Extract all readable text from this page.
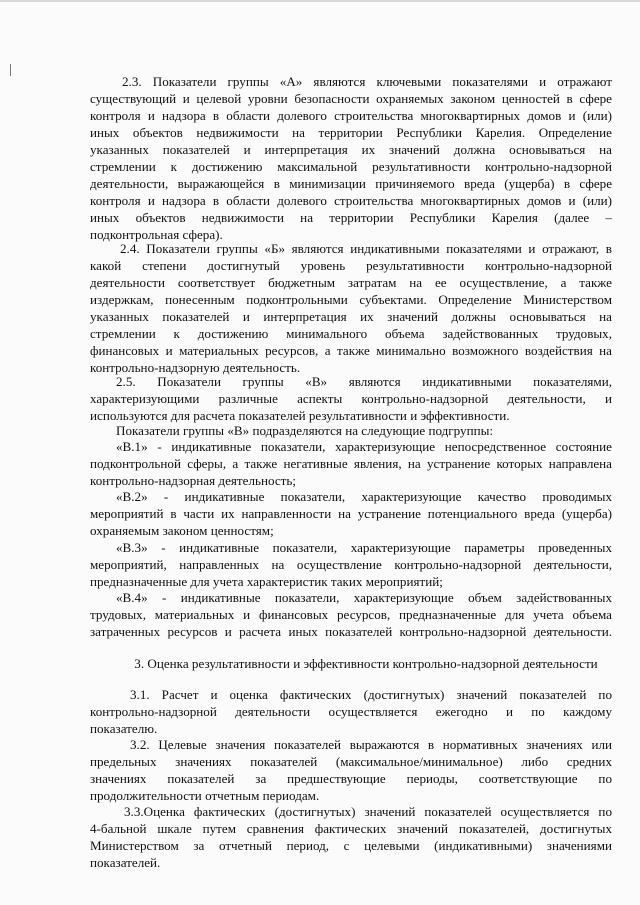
2.3. Показатели группы «А» являются ключевыми показателями и отражают
существующий и целевой уровни безопасности охраняемых законом ценностей в сфере
контроля и надзора в области долевого строительства многоквартирных домов и (или)
иных объектов недвижимости на территории Республики Карелия. Определение
указанных показателей и интерпретация их значений должна основываться на
стремлении к достижению максимальной результативности контрольно-надзорной
деятельности, выражающейся в минимизации причиняемого вреда (ущерба) в сфере
контроля и надзора в области долевого строительства многоквартирных домов и (или)
иных объектов недвижимости на территории Республики Карелия (далее –
подконтрольная сфера).
2.4. Показатели группы «Б» являются индикативными показателями и отражают, в
какой степени достигнутый уровень результативности контрольно-надзорной
деятельности соответствует бюджетным затратам на ее осуществление, а также
издержкам, понесенным подконтрольными субъектами. Определение Министерством
указанных показателей и интерпретация их значений должны основываться на
стремлении к достижению минимального объема задействованных трудовых,
финансовых и материальных ресурсов, а также минимально возможного воздействия на
контрольно-надзорную деятельность.
2.5. Показатели группы «В» являются индикативными показателями,
характеризующими различные аспекты контрольно-надзорной деятельности, и
используются для расчета показателей результативности и эффективности.
Показатели группы «В» подразделяются на следующие подгруппы:
«В.1» - индикативные показатели, характеризующие непосредственное состояние
подконтрольной сферы, а также негативные явления, на устранение которых направлена
контрольно-надзорная деятельность;
«В.2» - индикативные показатели, характеризующие качество проводимых
мероприятий в части их направленности на устранение потенциального вреда (ущерба)
охраняемым законом ценностям;
«В.3» - индикативные показатели, характеризующие параметры проведенных
мероприятий, направленных на осуществление контрольно-надзорной деятельности,
предназначенные для учета характеристик таких мероприятий;
«В.4» - индикативные показатели, характеризующие объем задействованных
трудовых, материальных и финансовых ресурсов, предназначенные для учета объема
затраченных ресурсов и расчета иных показателей контрольно-надзорной деятельности.
3. Оценка результативности и эффективности контрольно-надзорной деятельности
3.1. Расчет и оценка фактических (достигнутых) значений показателей по
контрольно-надзорной деятельности осуществляется ежегодно и по каждому
показателю.
3.2. Целевые значения показателей выражаются в нормативных значениях или
предельных значениях показателей (максимальное/минимальное) либо средних
значениях показателей за предшествующие периоды, соответствующие по
продолжительности отчетным периодам.
3.3.Оценка фактических (достигнутых) значений показателей осуществляется по
4-бальной шкале путем сравнения фактических значений показателей, достигнутых
Министерством за отчетный период, с целевыми (индикативными) значениями
показателей.
